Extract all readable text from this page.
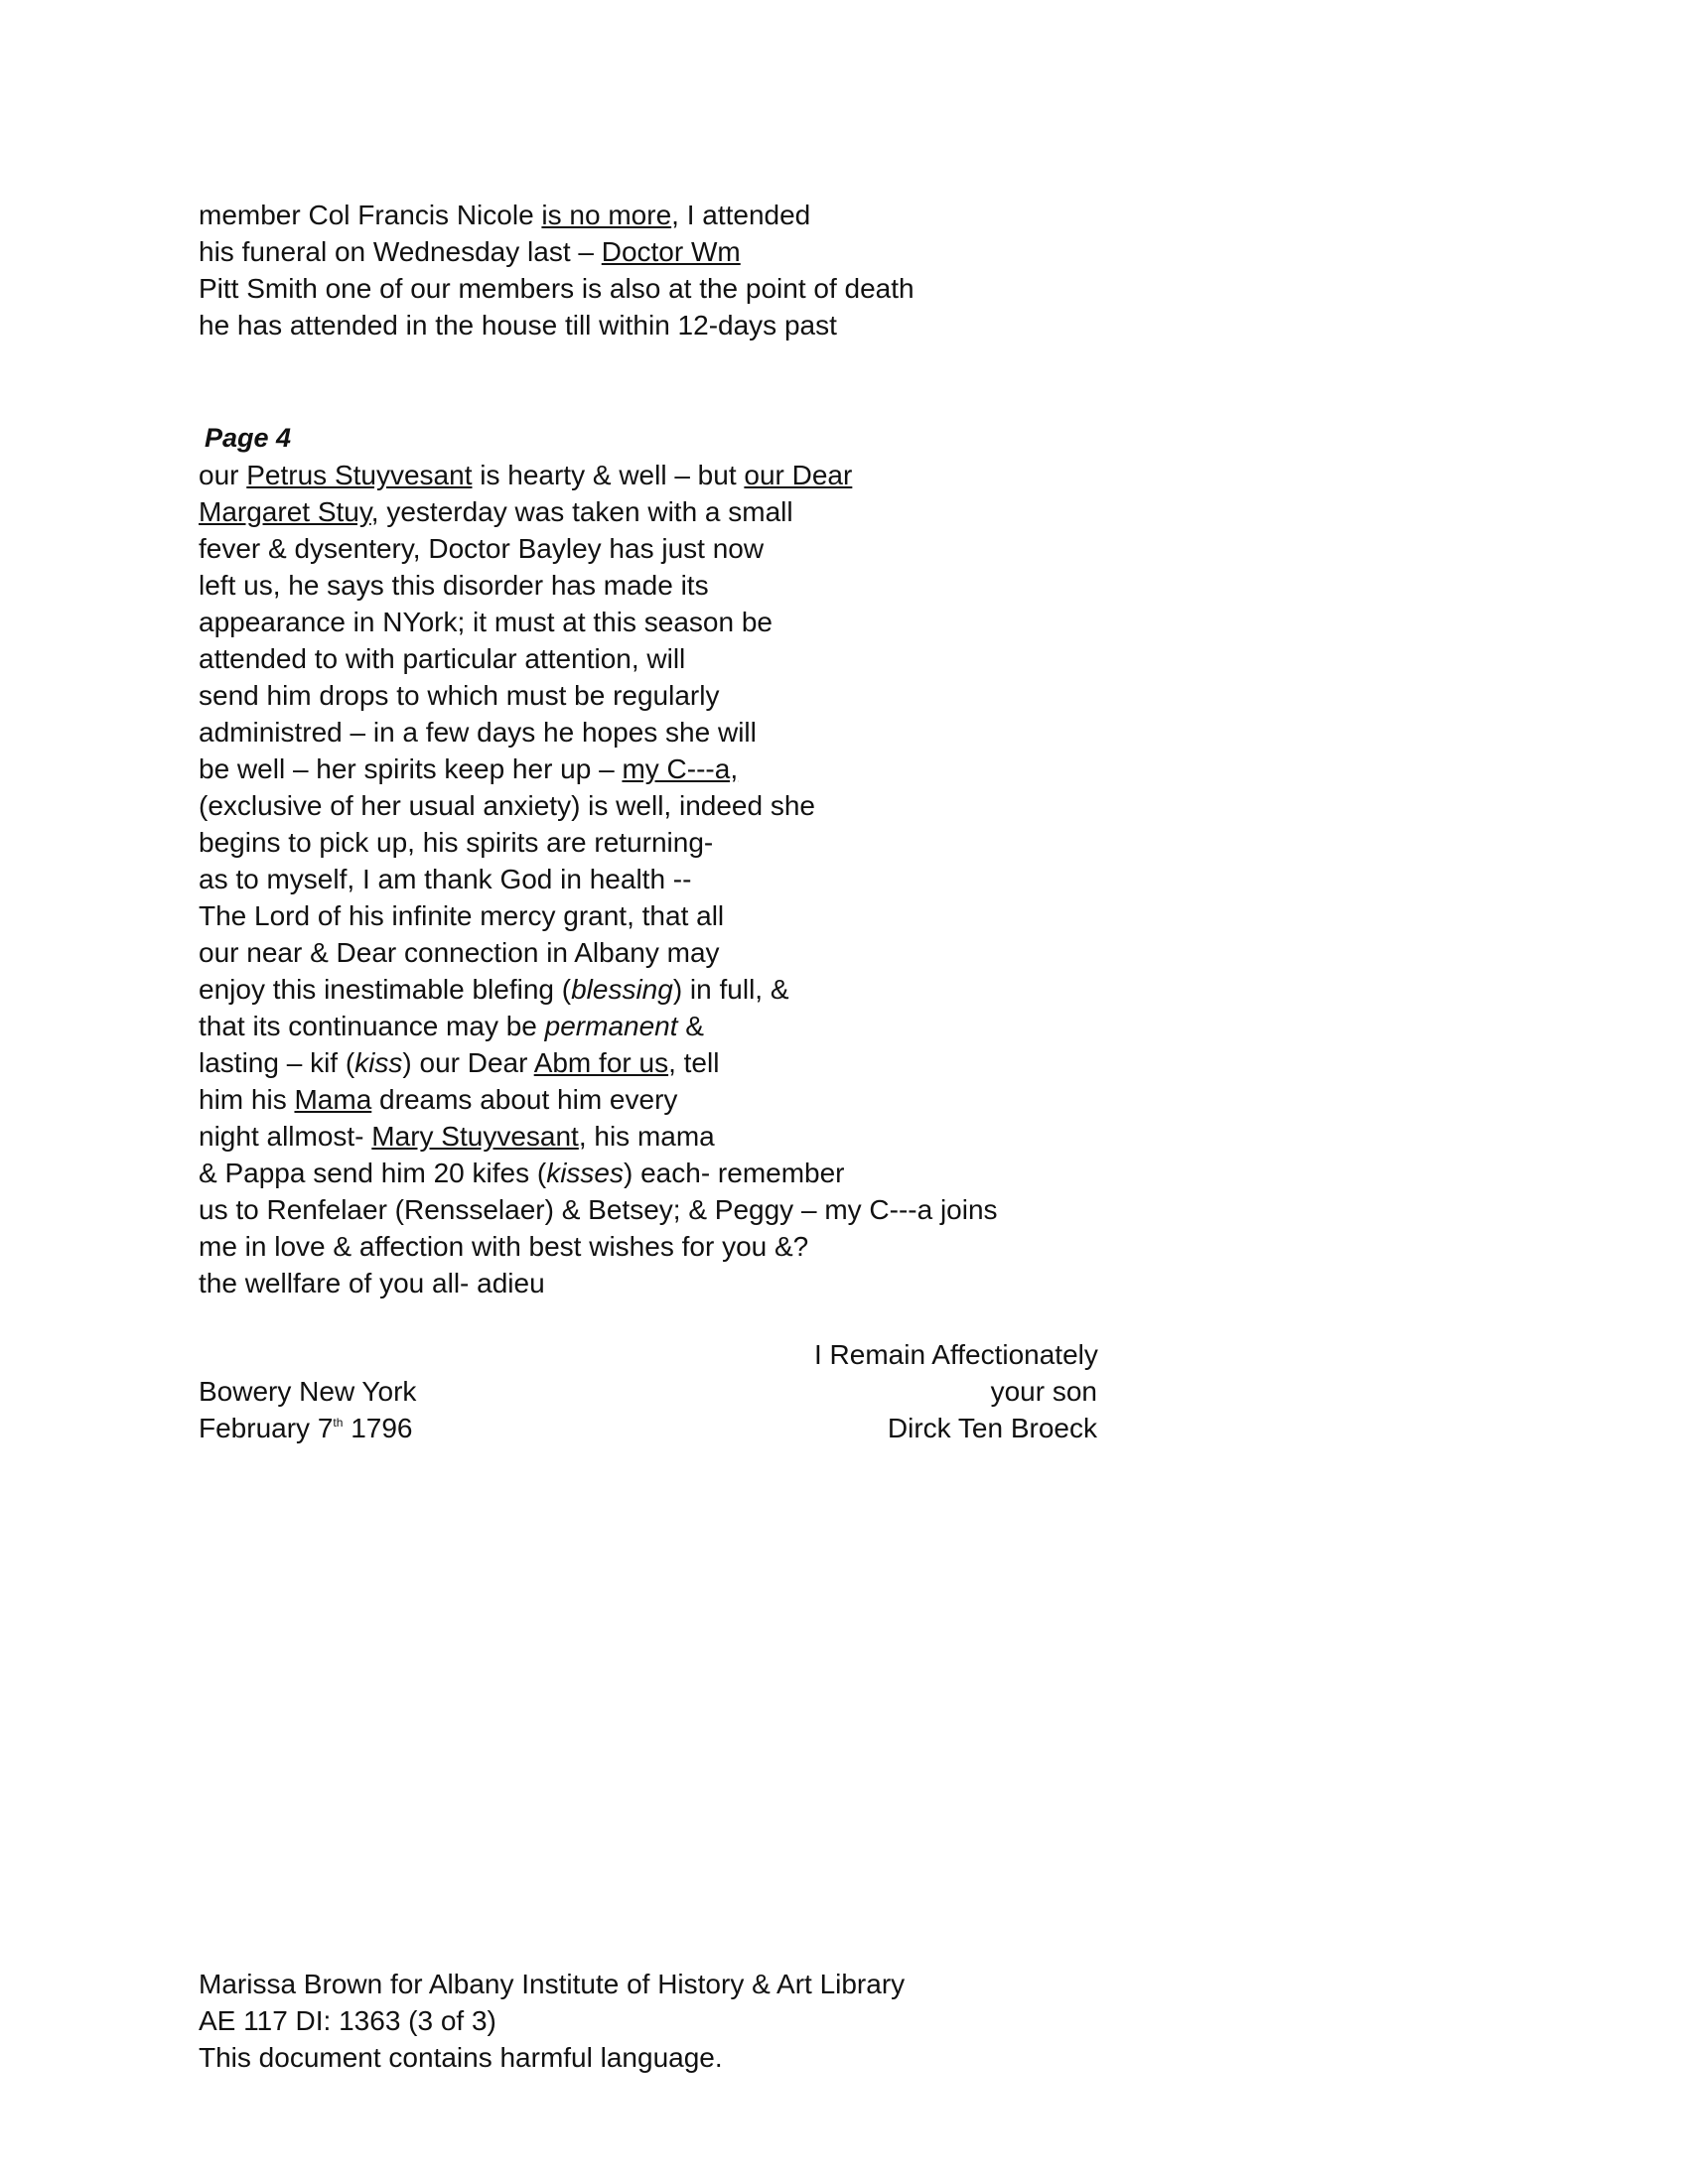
member Col Francis Nicole is no more, I attended
his funeral on Wednesday last – Doctor Wm
Pitt Smith one of our members is also at the point of death
he has attended in the house till within 12-days past
Page 4
our Petrus Stuyvesant is hearty & well – but our Dear
Margaret Stuy, yesterday was taken with a small
fever & dysentery, Doctor Bayley has just now
left us, he says this disorder has made its
appearance in NYork; it must at this season be
attended to with particular attention, will
send him drops to which must be regularly
administred – in a few days he hopes she will
be well – her spirits keep her up – my C---a,
(exclusive of her usual anxiety) is well, indeed she
begins to pick up, his spirits are returning-
as to myself, I am thank God in health --
The Lord of his infinite mercy grant, that all
our near & Dear connection in Albany may
enjoy this inestimable blefing (blessing) in full, &
that its continuance may be permanent &
lasting – kif (kiss) our Dear Abm for us, tell
him his Mama dreams about him every
night allmost- Mary Stuyvesant, his mama
& Pappa send him 20 kifes (kisses) each- remember
us to Renfelaer (Rensselaer) & Betsey; & Peggy – my C---a joins
me in love & affection with best wishes for you &?
the wellfare of you all- adieu
I Remain Affectionately
your son
Dirck Ten Broeck
Bowery New York
February 7th 1796
Marissa Brown for Albany Institute of History & Art Library
AE 117 DI: 1363 (3 of 3)
This document contains harmful language.
